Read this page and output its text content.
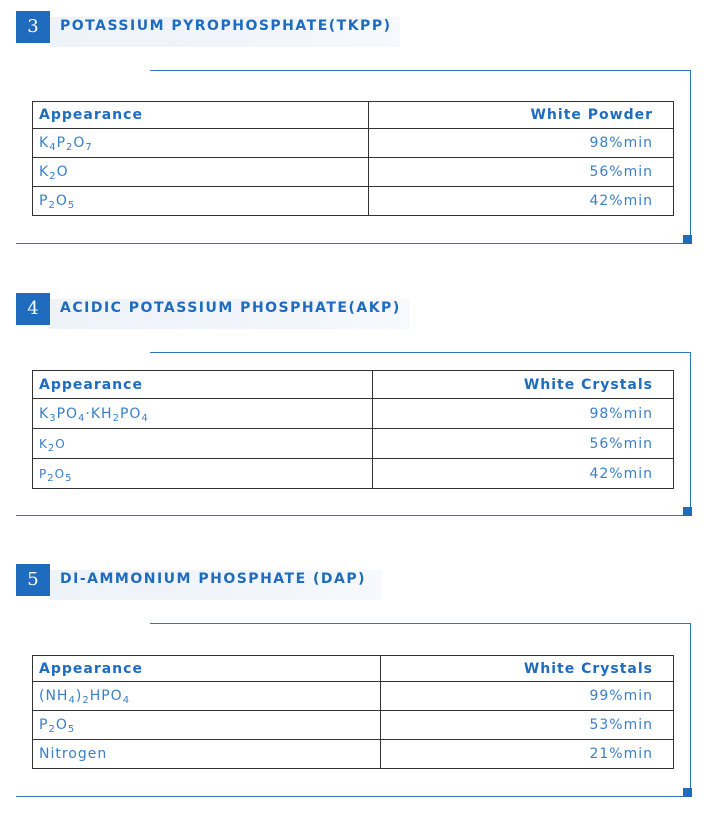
3	POTASSIUM PYROPHOSPHATE(TKPP)
Appearance	White Powder
$K_4P_2O_7$	98%min
$K_2O$	56%min
$P_2O_5$	42%min
4	ACIDIC POTASSIUM PHOSPHATE(AKP)
Appearance	White Crystals
$K_3PO_4\cdot KH_2PO_4$	98%min
$K_2O$	56%min
$P_2O_5$	42%min
5	DI-AMMONIUM PHOSPHATE (DAP)
Appearance	White Crystals
$(NH_4)_2HPO_4$	99%min
$P_2O_5$	53%min
Nitrogen	21%min
